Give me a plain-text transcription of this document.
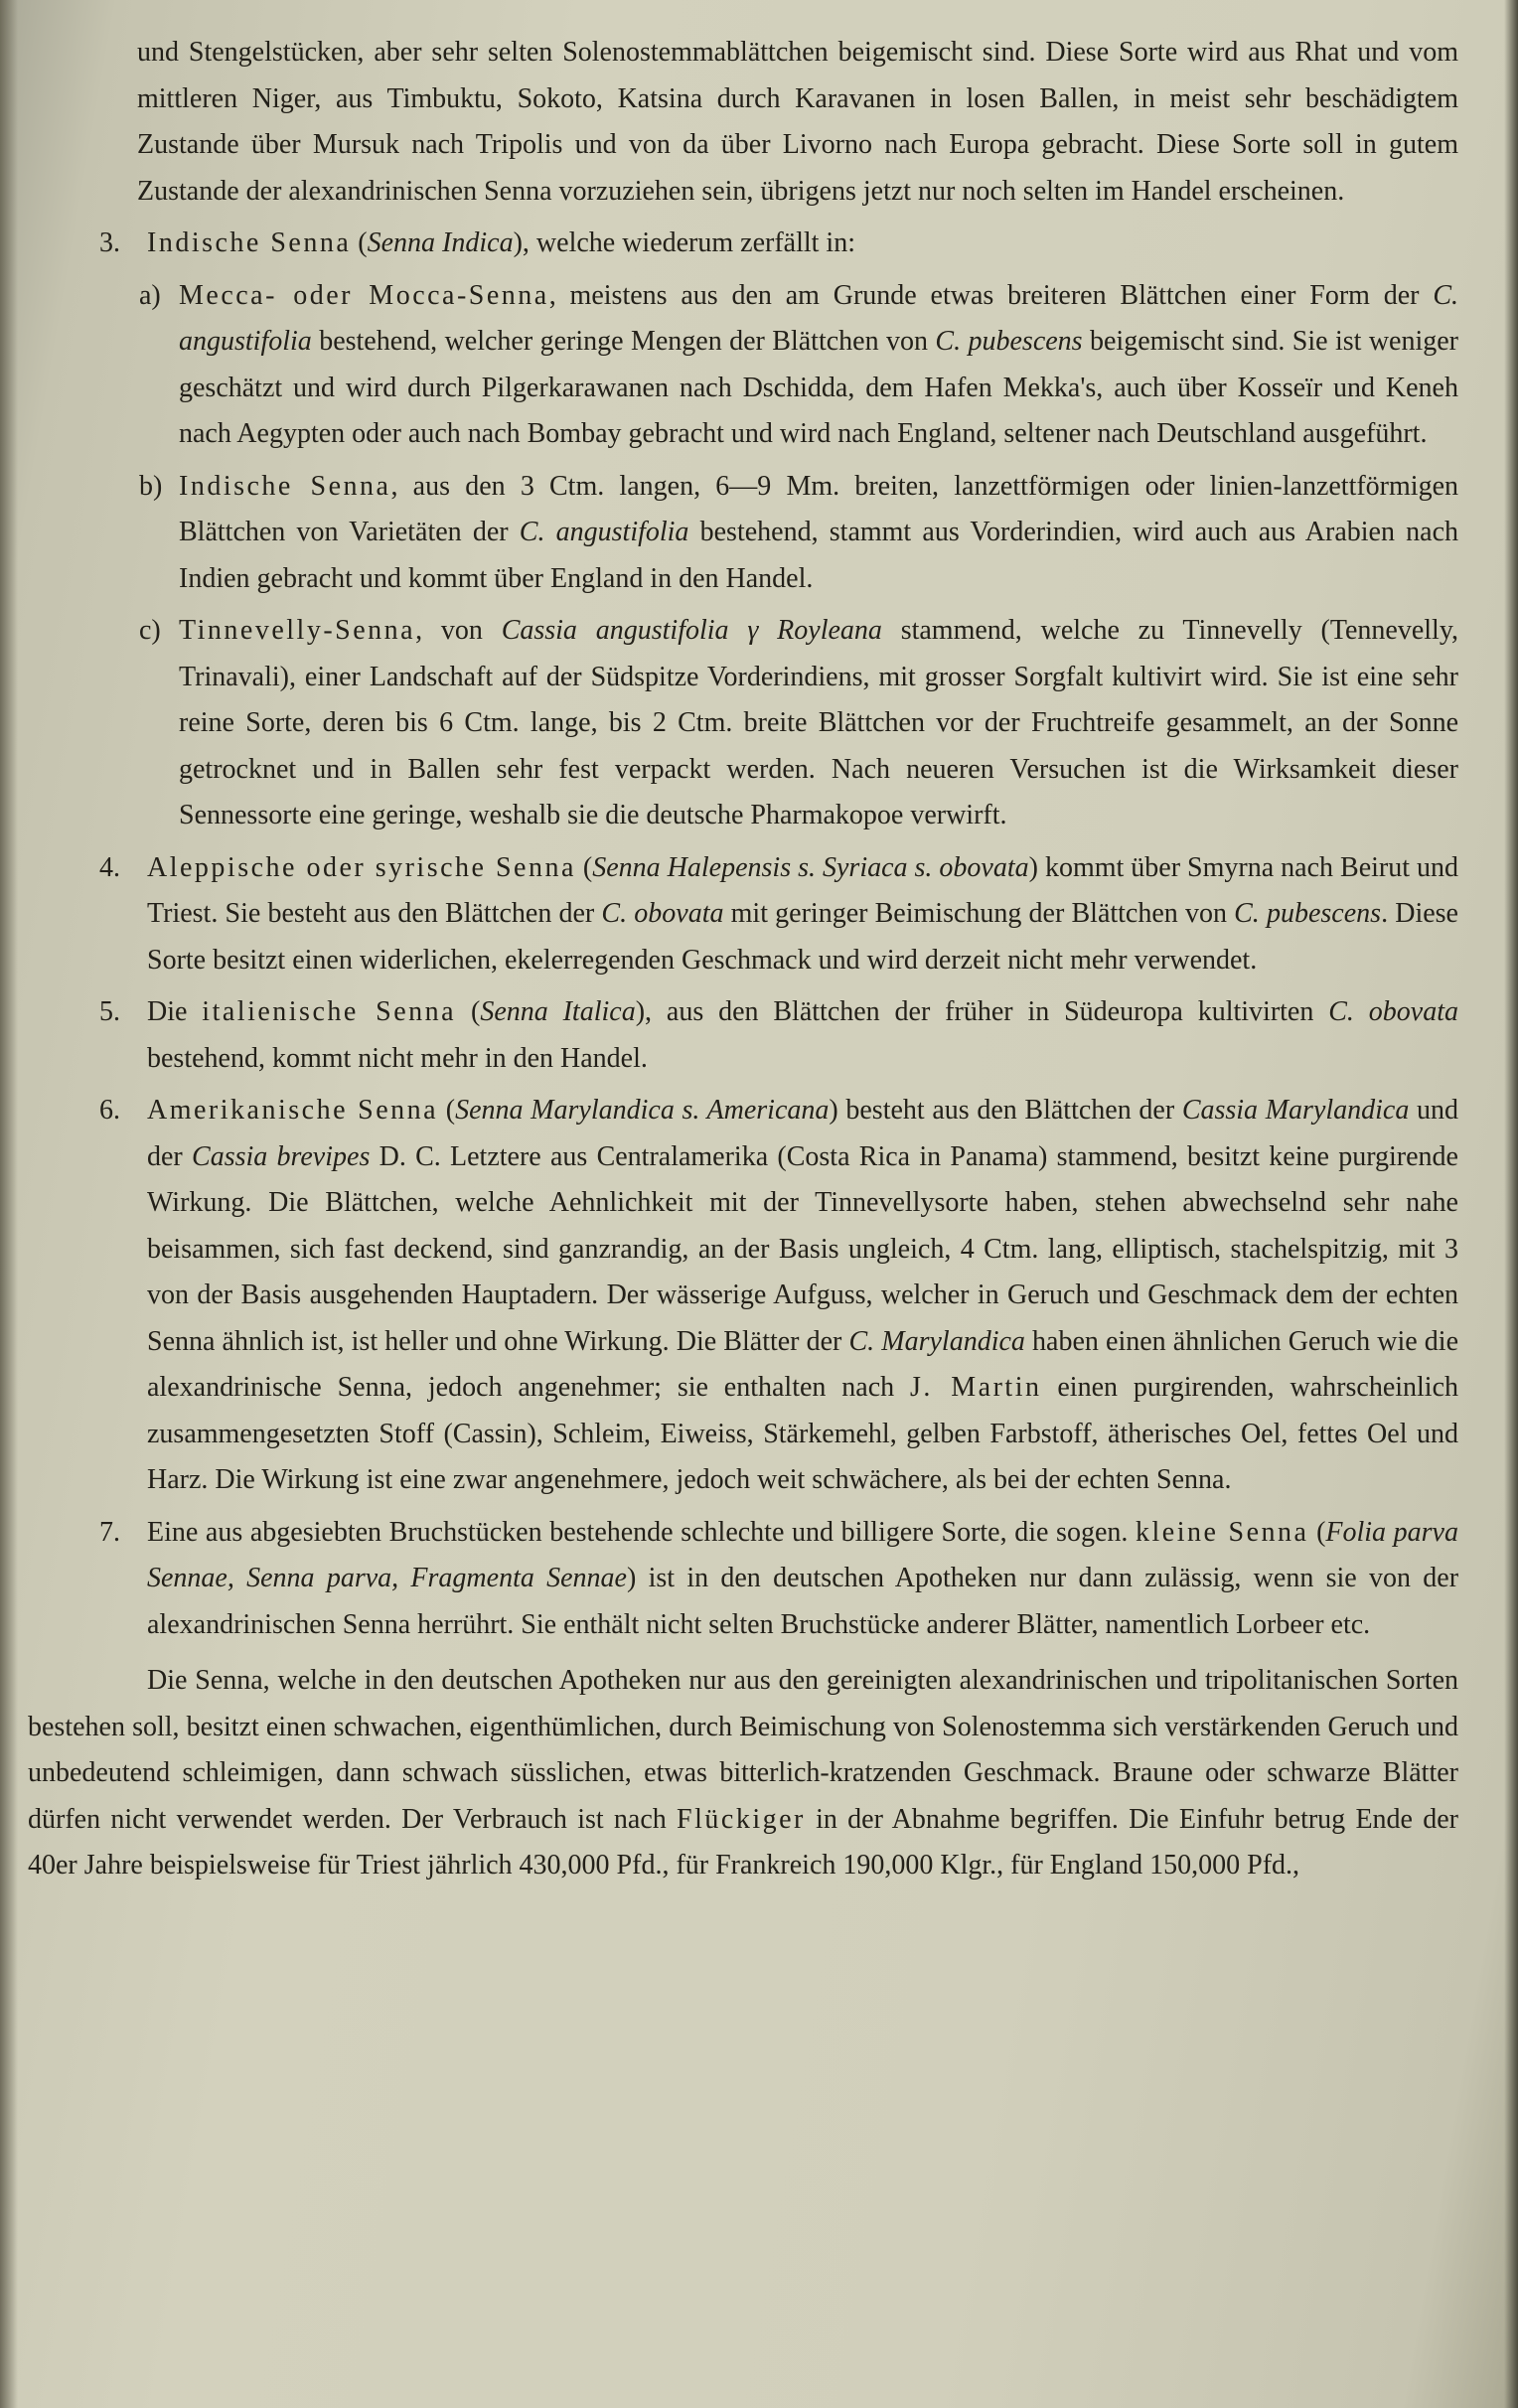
und Stengelstücken, aber sehr selten Solenostemmablättchen beigemischt sind. Diese Sorte wird aus Rhat und vom mittleren Niger, aus Timbuktu, Sokoto, Katsina durch Karavanen in losen Ballen, in meist sehr beschädigtem Zustande über Mursuk nach Tripolis und von da über Livorno nach Europa gebracht. Diese Sorte soll in gutem Zustande der alexandrinischen Senna vorzuziehen sein, übrigens jetzt nur noch selten im Handel erscheinen.

3. Indische Senna (Senna Indica), welche wiederum zerfällt in:

a) Mecca- oder Mocca-Senna, meistens aus den am Grunde etwas breiteren Blättchen einer Form der C. angustifolia bestehend, welcher geringe Mengen der Blättchen von C. pubescens beigemischt sind. Sie ist weniger geschätzt und wird durch Pilgerkarawanen nach Dschidda, dem Hafen Mekka's, auch über Kosseïr und Keneh nach Aegypten oder auch nach Bombay gebracht und wird nach England, seltener nach Deutschland ausgeführt.

b) Indische Senna, aus den 3 Ctm. langen, 6—9 Mm. breiten, lanzettförmigen oder linien-lanzettförmigen Blättchen von Varietäten der C. angustifolia bestehend, stammt aus Vorderindien, wird auch aus Arabien nach Indien gebracht und kommt über England in den Handel.

c) Tinnevelly-Senna, von Cassia angustifolia γ Royleana stammend, welche zu Tinnevelly (Tennevelly, Trinavali), einer Landschaft auf der Südspitze Vorderindiens, mit grosser Sorgfalt kultivirt wird. Sie ist eine sehr reine Sorte, deren bis 6 Ctm. lange, bis 2 Ctm. breite Blättchen vor der Fruchtreife gesammelt, an der Sonne getrocknet und in Ballen sehr fest verpackt werden. Nach neueren Versuchen ist die Wirksamkeit dieser Sennessorte eine geringe, weshalb sie die deutsche Pharmakopoe verwirft.

4. Aleppische oder syrische Senna (Senna Halepensis s. Syriaca s. obovata) kommt über Smyrna nach Beirut und Triest. Sie besteht aus den Blättchen der C. obovata mit geringer Beimischung der Blättchen von C. pubescens. Diese Sorte besitzt einen widerlichen, ekelerregenden Geschmack und wird derzeit nicht mehr verwendet.

5. Die italienische Senna (Senna Italica), aus den Blättchen der früher in Südeuropa kultivirten C. obovata bestehend, kommt nicht mehr in den Handel.

6. Amerikanische Senna (Senna Marylandica s. Americana) besteht aus den Blättchen der Cassia Marylandica und der Cassia brevipes D. C. Letztere aus Centralamerika (Costa Rica in Panama) stammend, besitzt keine purgirende Wirkung. Die Blättchen, welche Aehnlichkeit mit der Tinnevellysorte haben, stehen abwechselnd sehr nahe beisammen, sich fast deckend, sind ganzrandig, an der Basis ungleich, 4 Ctm. lang, elliptisch, stachelspitzig, mit 3 von der Basis ausgehenden Hauptadern. Der wässerige Aufguss, welcher in Geruch und Geschmack dem der echten Senna ähnlich ist, ist heller und ohne Wirkung. Die Blätter der C. Marylandica haben einen ähnlichen Geruch wie die alexandrinische Senna, jedoch angenehmer; sie enthalten nach J. Martin einen purgirenden, wahrscheinlich zusammengesetzten Stoff (Cassin), Schleim, Eiweiss, Stärkemehl, gelben Farbstoff, ätherisches Oel, fettes Oel und Harz. Die Wirkung ist eine zwar angenehmere, jedoch weit schwächere, als bei der echten Senna.

7. Eine aus abgesiebten Bruchstücken bestehende schlechte und billigere Sorte, die sogen. kleine Senna (Folia parva Sennae, Senna parva, Fragmenta Sennae) ist in den deutschen Apotheken nur dann zulässig, wenn sie von der alexandrinischen Senna herrührt. Sie enthält nicht selten Bruchstücke anderer Blätter, namentlich Lorbeer etc.

Die Senna, welche in den deutschen Apotheken nur aus den gereinigten alexandrinischen und tripolitanischen Sorten bestehen soll, besitzt einen schwachen, eigenthümlichen, durch Beimischung von Solenostemma sich verstärkenden Geruch und unbedeutend schleimigen, dann schwach süsslichen, etwas bitterlich-kratzenden Geschmack. Braune oder schwarze Blätter dürfen nicht verwendet werden. Der Verbrauch ist nach Flückiger in der Abnahme begriffen. Die Einfuhr betrug Ende der 40er Jahre beispielsweise für Triest jährlich 430,000 Pfd., für Frankreich 190,000 Klgr., für England 150,000 Pfd.,
